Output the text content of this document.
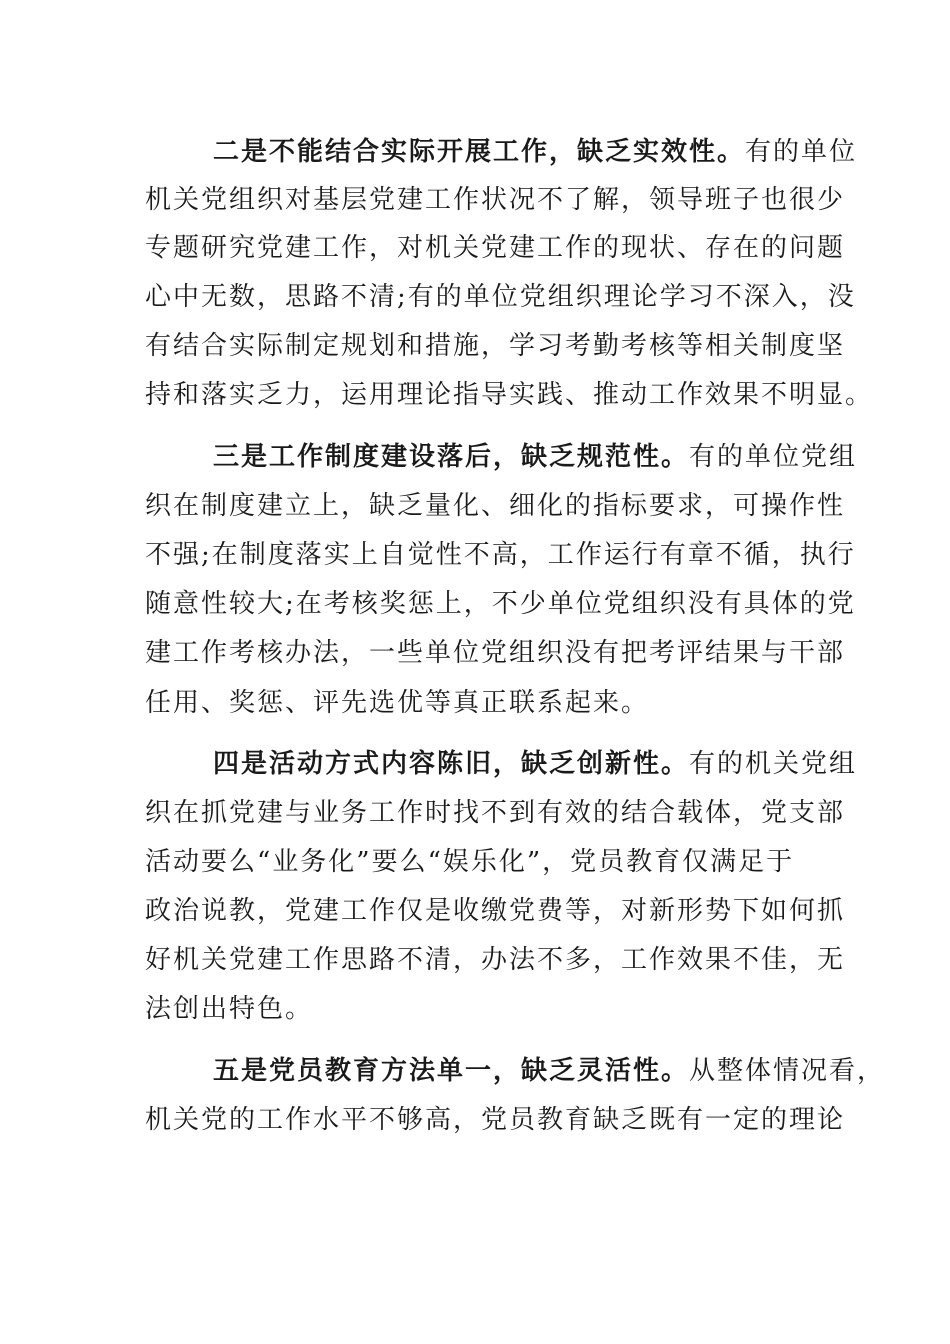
二是不能结合实际开展工作，缺乏实效性。有的单位
机关党组织对基层党建工作状况不了解，领导班子也很少
专题研究党建工作，对机关党建工作的现状、存在的问题
心中无数，思路不清;有的单位党组织理论学习不深入，没
有结合实际制定规划和措施，学习考勤考核等相关制度坚
持和落实乏力，运用理论指导实践、推动工作效果不明显。
三是工作制度建设落后，缺乏规范性。有的单位党组
织在制度建立上，缺乏量化、细化的指标要求，可操作性
不强;在制度落实上自觉性不高，工作运行有章不循，执行
随意性较大;在考核奖惩上，不少单位党组织没有具体的党
建工作考核办法，一些单位党组织没有把考评结果与干部
任用、奖惩、评先选优等真正联系起来。
四是活动方式内容陈旧，缺乏创新性。有的机关党组
织在抓党建与业务工作时找不到有效的结合载体，党支部
活动要么“业务化”要么“娱乐化”，党员教育仅满足于
政治说教，党建工作仅是收缴党费等，对新形势下如何抓
好机关党建工作思路不清，办法不多，工作效果不佳，无
法创出特色。
五是党员教育方法单一，缺乏灵活性。从整体情况看，
机关党的工作水平不够高，党员教育缺乏既有一定的理论
